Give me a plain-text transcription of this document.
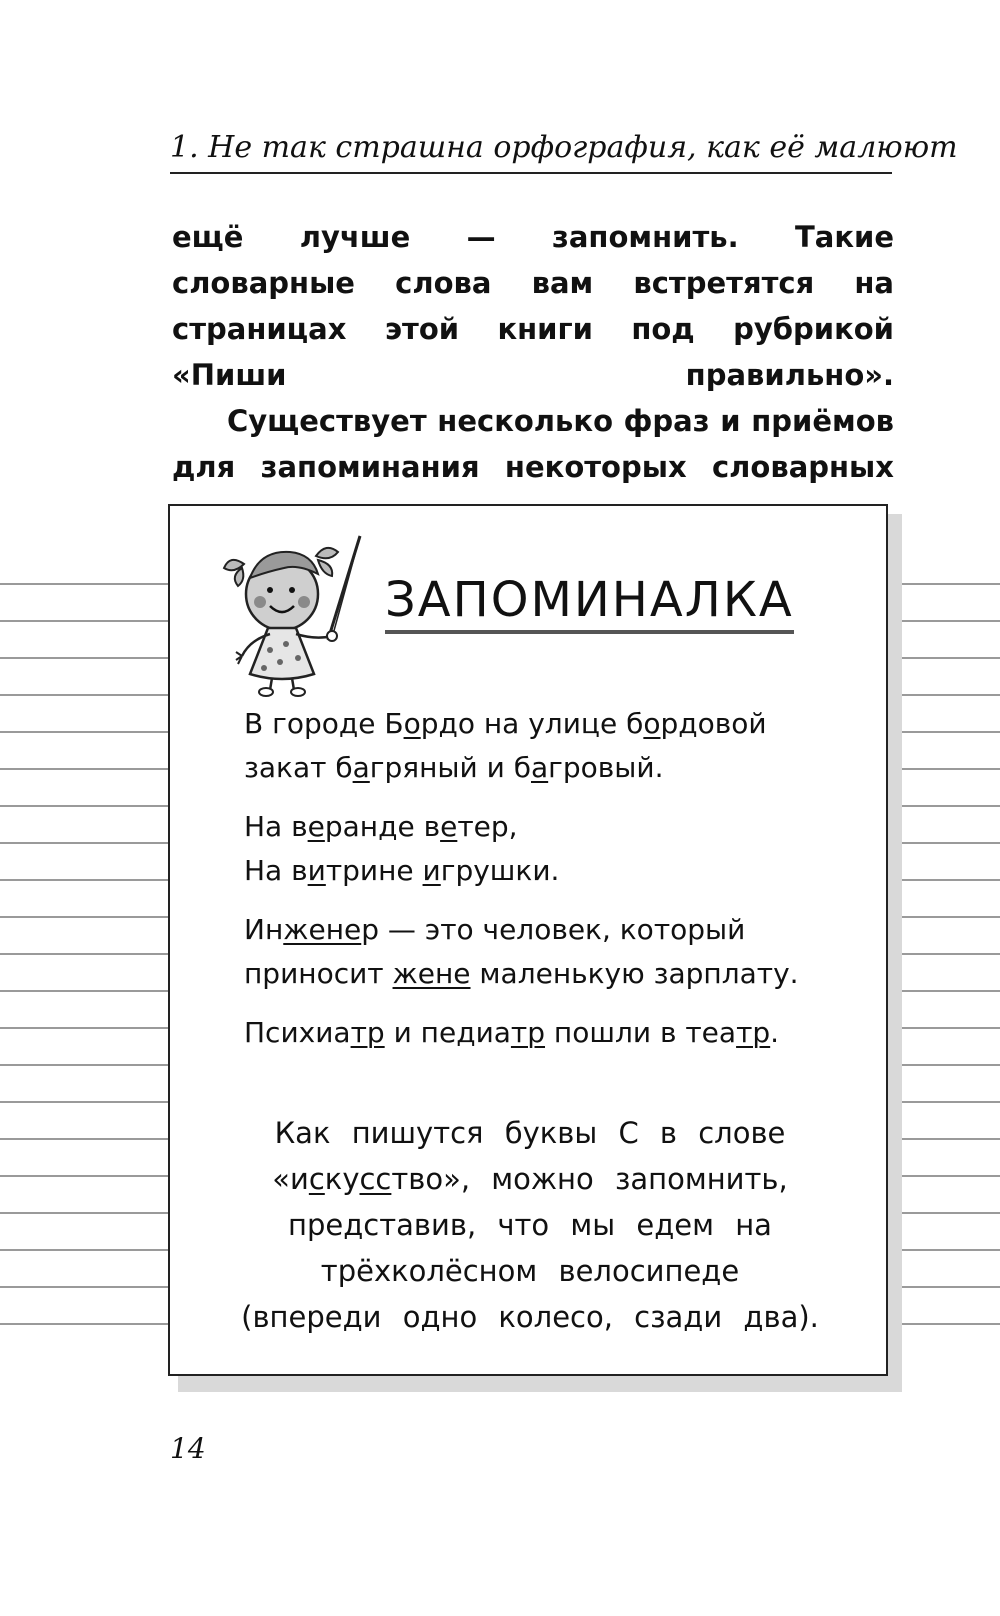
1. Не так страшна орфография, как её малюют

ещё лучше — запомнить. Такие словарные слова вам встретятся на страницах этой книги под рубрикой «Пиши правильно».

Существует несколько фраз и приёмов для запоминания некоторых словарных

ЗАПОМИНАЛКА
В городе Бордо на улице бордовой
закат багряный и багровый.
На веранде ветер,
На витрине игрушки.
Инженер — это человек, который
приносит жене маленькую зарплату.
Психиатр и педиатр пошли в театр.
Как пишутся буквы С в слове
«искусство», можно запомнить,
представив, что мы едем на
трёхколёсном велосипеде
(впереди одно колесо, сзади два).
14
